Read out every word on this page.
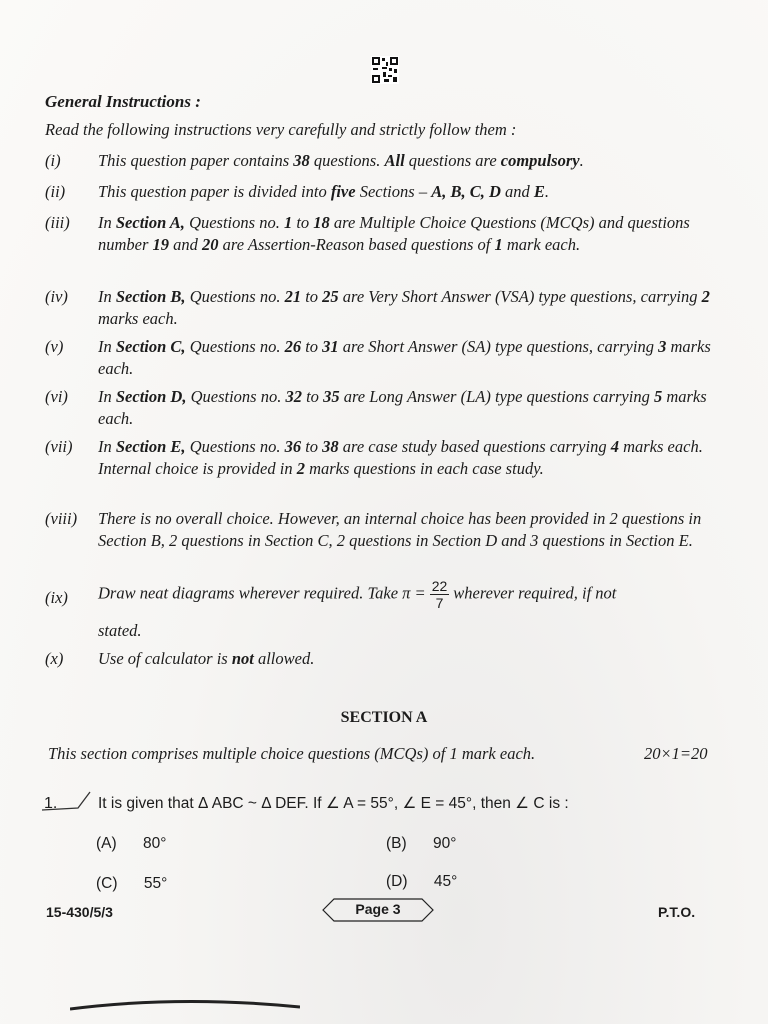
General Instructions :
Read the following instructions very carefully and strictly follow them :
(i)	This question paper contains 38 questions. All questions are compulsory.
(ii)	This question paper is divided into five Sections – A, B, C, D and E.
(iii)	In Section A, Questions no. 1 to 18 are Multiple Choice Questions (MCQs) and questions number 19 and 20 are Assertion-Reason based questions of 1 mark each.
(iv)	In Section B, Questions no. 21 to 25 are Very Short Answer (VSA) type questions, carrying 2 marks each.
(v)	In Section C, Questions no. 26 to 31 are Short Answer (SA) type questions, carrying 3 marks each.
(vi)	In Section D, Questions no. 32 to 35 are Long Answer (LA) type questions carrying 5 marks each.
(vii)	In Section E, Questions no. 36 to 38 are case study based questions carrying 4 marks each. Internal choice is provided in 2 marks questions in each case study.
(viii)	There is no overall choice. However, an internal choice has been provided in 2 questions in Section B, 2 questions in Section C, 2 questions in Section D and 3 questions in Section E.
(ix)	Draw neat diagrams wherever required. Take $\pi = \frac{22}{7}$ wherever required, if not
stated.
(x)	Use of calculator is not allowed.
SECTION A
This section comprises multiple choice questions (MCQs) of 1 mark each.	20×1=20
1.	It is given that Δ ABC ~ Δ DEF. If ∠ A = 55°, ∠ E = 45°, then ∠ C is :
(A) 80°	(B) 90°
(C) 55°	(D) 45°
15-430/5/3	Page 3	P.T.O.
